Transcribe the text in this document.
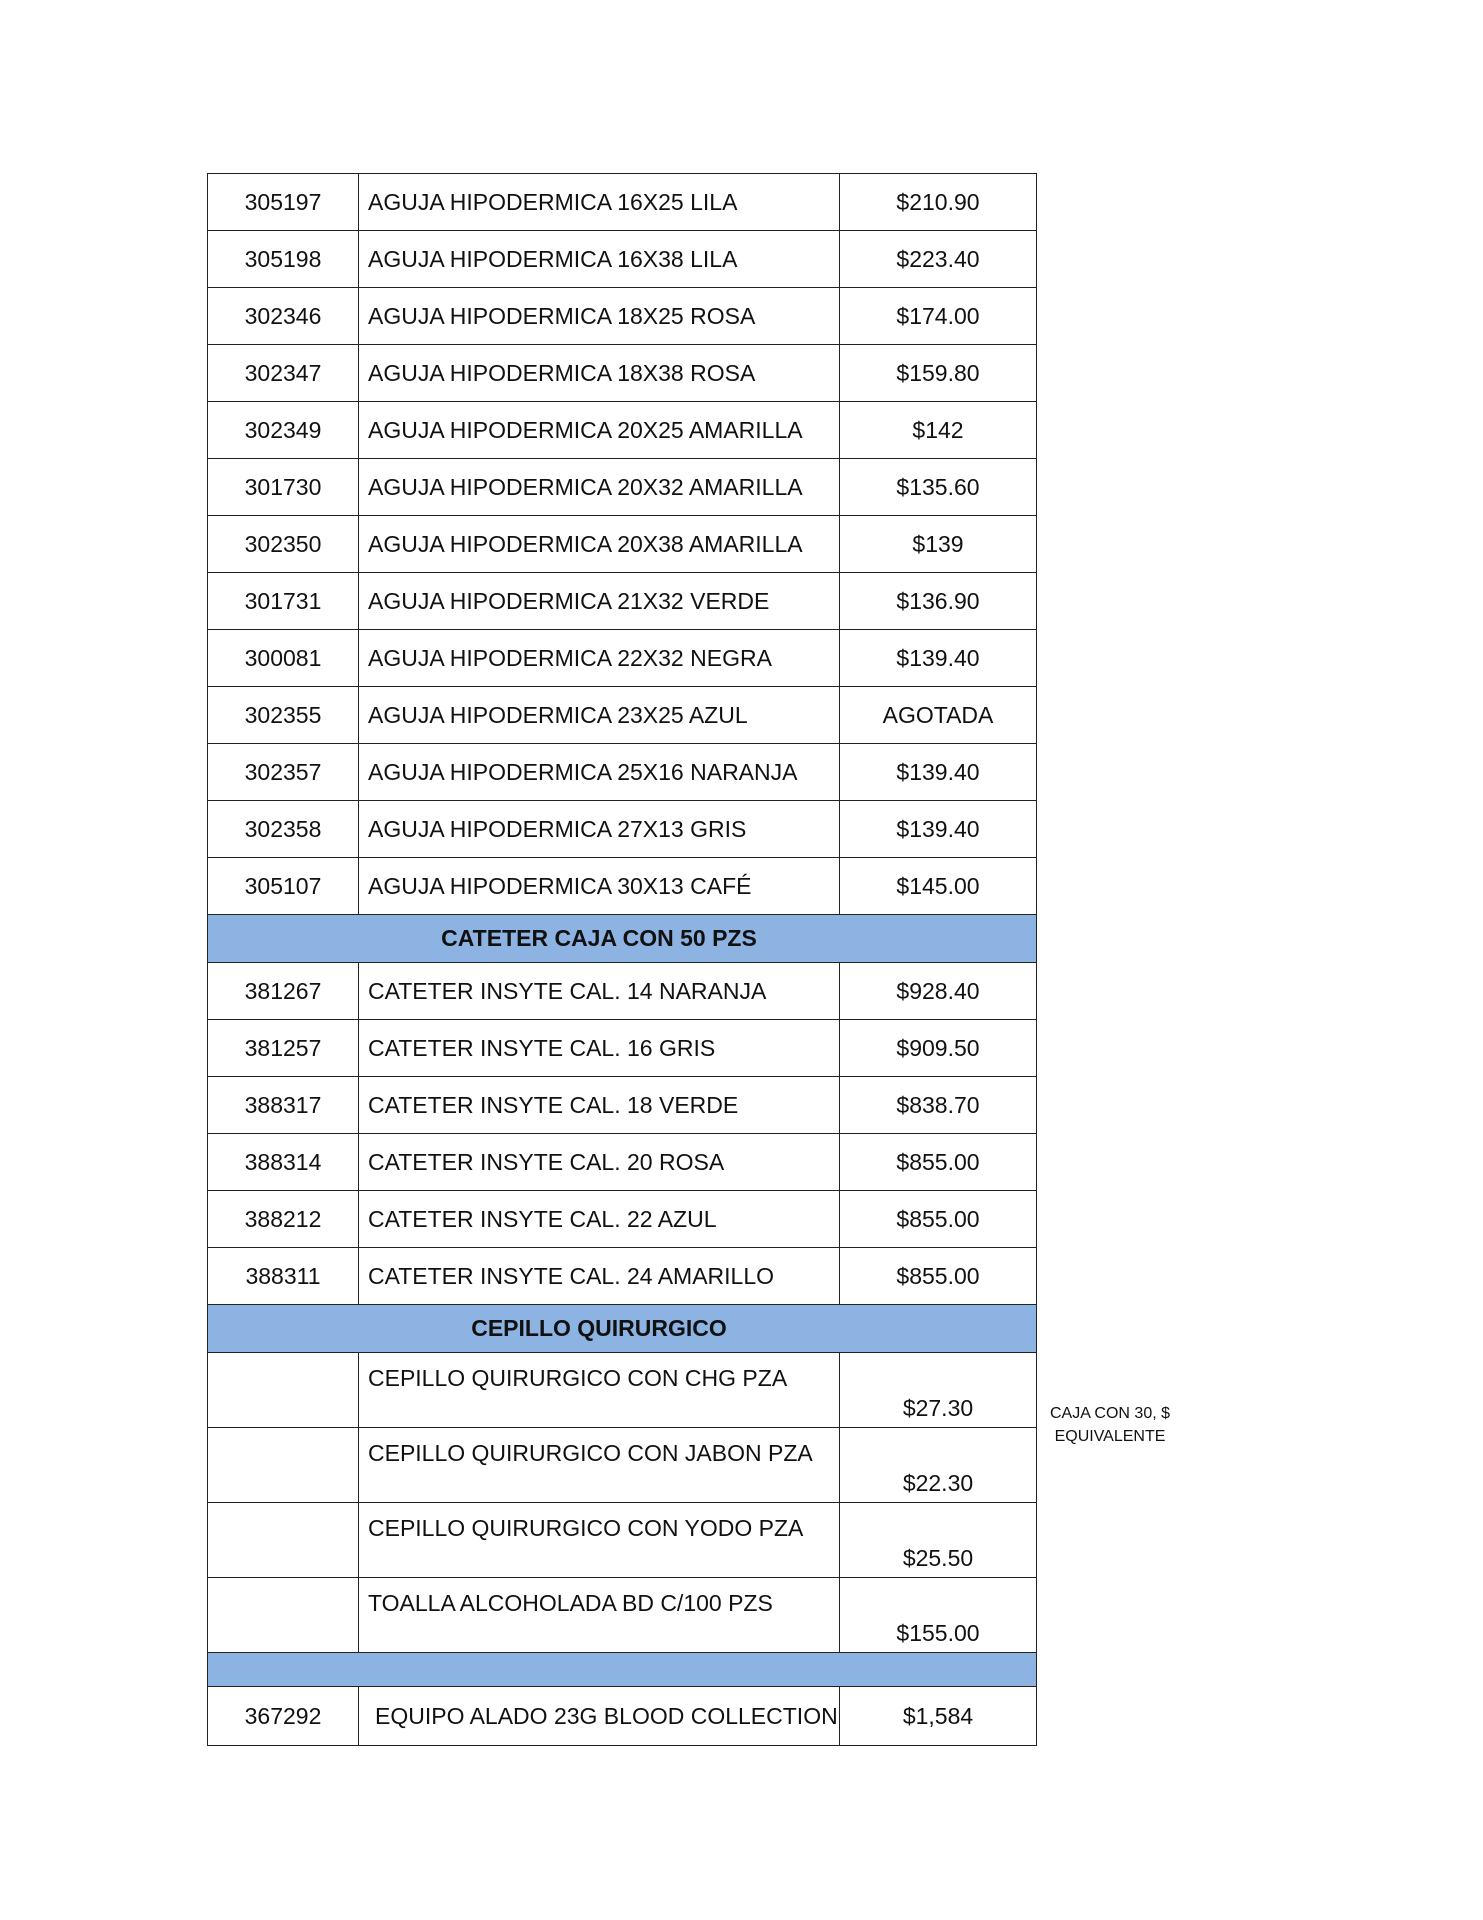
305197	AGUJA HIPODERMICA 16X25 LILA	$210.90
305198	AGUJA HIPODERMICA 16X38 LILA	$223.40
302346	AGUJA HIPODERMICA 18X25 ROSA	$174.00
302347	AGUJA HIPODERMICA 18X38 ROSA	$159.80
302349	AGUJA HIPODERMICA 20X25 AMARILLA	$142
301730	AGUJA HIPODERMICA 20X32 AMARILLA	$135.60
302350	AGUJA HIPODERMICA 20X38 AMARILLA	$139
301731	AGUJA HIPODERMICA 21X32 VERDE	$136.90
300081	AGUJA HIPODERMICA 22X32 NEGRA	$139.40
302355	AGUJA HIPODERMICA 23X25 AZUL	AGOTADA
302357	AGUJA HIPODERMICA 25X16 NARANJA	$139.40
302358	AGUJA HIPODERMICA 27X13 GRIS	$139.40
305107	AGUJA HIPODERMICA 30X13 CAFÉ	$145.00
	CATETER CAJA CON 50 PZS	
381267	CATETER INSYTE CAL. 14 NARANJA	$928.40
381257	CATETER INSYTE CAL. 16 GRIS	$909.50
388317	CATETER INSYTE CAL. 18 VERDE	$838.70
388314	CATETER INSYTE CAL. 20 ROSA	$855.00
388212	CATETER INSYTE CAL. 22 AZUL	$855.00
388311	CATETER INSYTE CAL. 24 AMARILLO	$855.00
	CEPILLO QUIRURGICO	
	CEPILLO QUIRURGICO CON CHG PZA	$27.30
	CEPILLO QUIRURGICO CON JABON PZA	$22.30
	CEPILLO QUIRURGICO CON YODO PZA	$25.50
	TOALLA ALCOHOLADA BD C/100 PZS	$155.00

367292	EQUIPO ALADO 23G BLOOD COLLECTION	$1,584
CAJA CON 30, $
EQUIVALENTE
